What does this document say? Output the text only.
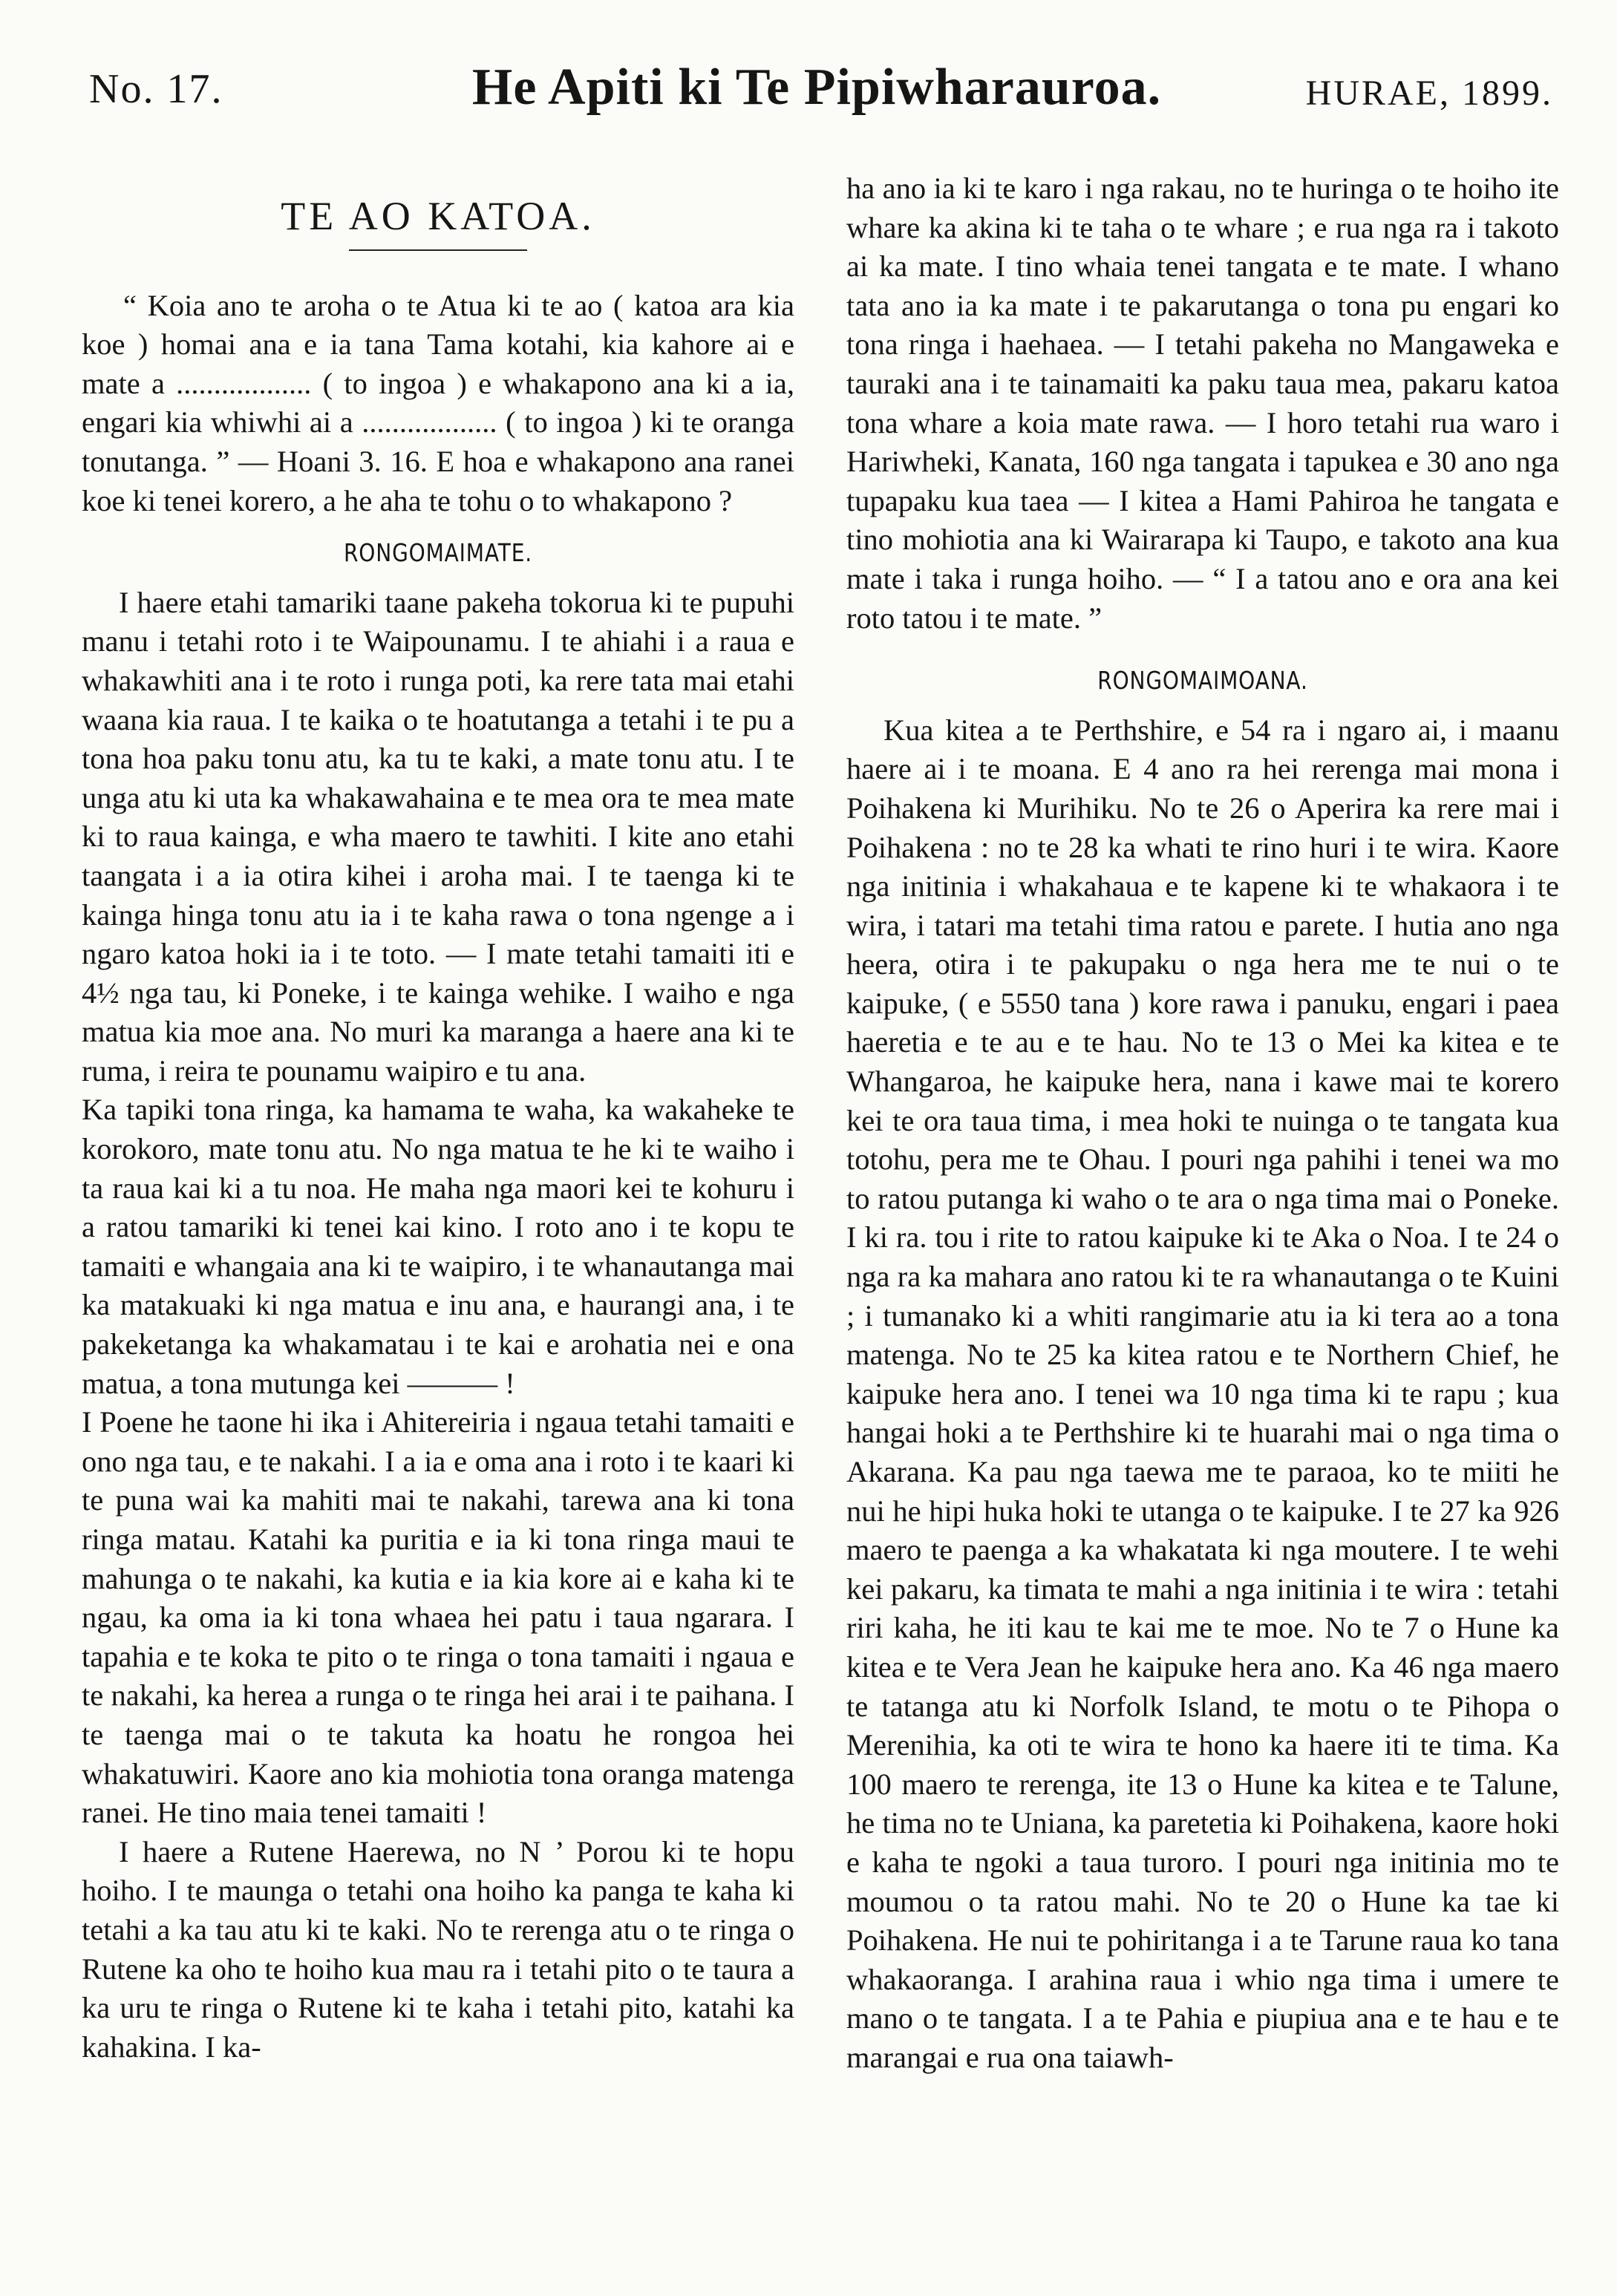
No. 17.	He Apiti ki Te Pipiwharauroa.	HURAE, 1899.
TE AO KATOA.

“ Koia ano te aroha o te Atua ki te ao ( katoa ara kia koe ) homai ana e ia tana Tama kotahi, kia kahore ai e mate a .................. ( to ingoa ) e whakapono ana ki a ia, engari kia whiwhi ai a .................. ( to ingoa ) ki te oranga tonutanga. ” — Hoani 3. 16. E hoa e whakapono ana ranei koe ki tenei korero, a he aha te tohu o to whakapono ?

RONGOMAIMATE.

I haere etahi tamariki taane pakeha tokorua ki te pupuhi manu i tetahi roto i te Waipounamu. I te ahiahi i a raua e whakawhiti ana i te roto i runga poti, ka rere tata mai etahi waana kia raua. I te kaika o te hoatutanga a tetahi i te pu a tona hoa paku tonu atu, ka tu te kaki, a mate tonu atu. I te unga atu ki uta ka whakawahaina e te mea ora te mea mate ki to raua kainga, e wha maero te tawhiti. I kite ano etahi taangata i a ia otira kihei i aroha mai. I te taenga ki te kainga hinga tonu atu ia i te kaha rawa o tona ngenge a i ngaro katoa hoki ia i te toto. — I mate tetahi tamaiti iti e 4½ nga tau, ki Poneke, i te kainga wehike. I waiho e nga matua kia moe ana. No muri ka maranga a haere ana ki te ruma, i reira te pounamu waipiro e tu ana.

Ka tapiki tona ringa, ka hamama te waha, ka wakaheke te korokoro, mate tonu atu. No nga matua te he ki te waiho i ta raua kai ki a tu noa. He maha nga maori kei te kohuru i a ratou tamariki ki tenei kai kino. I roto ano i te kopu te tamaiti e whangaia ana ki te waipiro, i te whanautanga mai ka matakuaki ki nga matua e inu ana, e haurangi ana, i te pakeketanga ka whakamatau i te kai e arohatia nei e ona matua, a tona mutunga kei ——— !

I Poene he taone hi ika i Ahitereiria i ngaua tetahi tamaiti e ono nga tau, e te nakahi. I a ia e oma ana i roto i te kaari ki te puna wai ka mahiti mai te nakahi, tarewa ana ki tona ringa matau. Katahi ka puritia e ia ki tona ringa maui te mahunga o te nakahi, ka kutia e ia kia kore ai e kaha ki te ngau, ka oma ia ki tona whaea hei patu i taua ngarara. I tapahia e te koka te pito o te ringa o tona tamaiti i ngaua e te nakahi, ka herea a runga o te ringa hei arai i te paihana. I te taenga mai o te takuta ka hoatu he rongoa hei whakatuwiri. Kaore ano kia mohiotia tona oranga matenga ranei. He tino maia tenei tamaiti !

I haere a Rutene Haerewa, no N ’ Porou ki te hopu hoiho. I te maunga o tetahi ona hoiho ka panga te kaha ki tetahi a ka tau atu ki te kaki. No te rerenga atu o te ringa o Rutene ka oho te hoiho kua mau ra i tetahi pito o te taura a ka uru te ringa o Rutene ki te kaha i tetahi pito, katahi ka kahakina. I ka-

ha ano ia ki te karo i nga rakau, no te huringa o te hoiho ite whare ka akina ki te taha o te whare ; e rua nga ra i takoto ai ka mate. I tino whaia tenei tangata e te mate. I whano tata ano ia ka mate i te pakarutanga o tona pu engari ko tona ringa i haehaea. — I tetahi pakeha no Mangaweka e tauraki ana i te tainamaiti ka paku taua mea, pakaru katoa tona whare a koia mate rawa. — I horo tetahi rua waro i Hariwheki, Kanata, 160 nga tangata i tapukea e 30 ano nga tupapaku kua taea — I kitea a Hami Pahiroa he tangata e tino mohiotia ana ki Wairarapa ki Taupo, e takoto ana kua mate i taka i runga hoiho. — “ I a tatou ano e ora ana kei roto tatou i te mate. ”

RONGOMAIMOANA.

Kua kitea a te Perthshire, e 54 ra i ngaro ai, i maanu haere ai i te moana. E 4 ano ra hei rerenga mai mona i Poihakena ki Murihiku. No te 26 o Aperira ka rere mai i Poihakena : no te 28 ka whati te rino huri i te wira. Kaore nga initinia i whakahaua e te kapene ki te whakaora i te wira, i tatari ma tetahi tima ratou e parete. I hutia ano nga heera, otira i te pakupaku o nga hera me te nui o te kaipuke, ( e 5550 tana ) kore rawa i panuku, engari i paea haeretia e te au e te hau. No te 13 o Mei ka kitea e te Whangaroa, he kaipuke hera, nana i kawe mai te korero kei te ora taua tima, i mea hoki te nuinga o te tangata kua totohu, pera me te Ohau. I pouri nga pahihi i tenei wa mo to ratou putanga ki waho o te ara o nga tima mai o Poneke. I ki ra. tou i rite to ratou kaipuke ki te Aka o Noa. I te 24 o nga ra ka mahara ano ratou ki te ra whanautanga o te Kuini ; i tumanako ki a whiti rangimarie atu ia ki tera ao a tona matenga. No te 25 ka kitea ratou e te Northern Chief, he kaipuke hera ano. I tenei wa 10 nga tima ki te rapu ; kua hangai hoki a te Perthshire ki te huarahi mai o nga tima o Akarana. Ka pau nga taewa me te paraoa, ko te miiti he nui he hipi huka hoki te utanga o te kaipuke. I te 27 ka 926 maero te paenga a ka whakatata ki nga moutere. I te wehi kei pakaru, ka timata te mahi a nga initinia i te wira : tetahi riri kaha, he iti kau te kai me te moe. No te 7 o Hune ka kitea e te Vera Jean he kaipuke hera ano. Ka 46 nga maero te tatanga atu ki Norfolk Island, te motu o te Pihopa o Merenihia, ka oti te wira te hono ka haere iti te tima. Ka 100 maero te rerenga, ite 13 o Hune ka kitea e te Talune, he tima no te Uniana, ka paretetia ki Poihakena, kaore hoki e kaha te ngoki a taua turoro. I pouri nga initinia mo te moumou o ta ratou mahi. No te 20 o Hune ka tae ki Poihakena. He nui te pohiritanga i a te Tarune raua ko tana whakaoranga. I arahina raua i whio nga tima i umere te mano o te tangata. I a te Pahia e piupiua ana e te hau e te marangai e rua ona taiawh-
